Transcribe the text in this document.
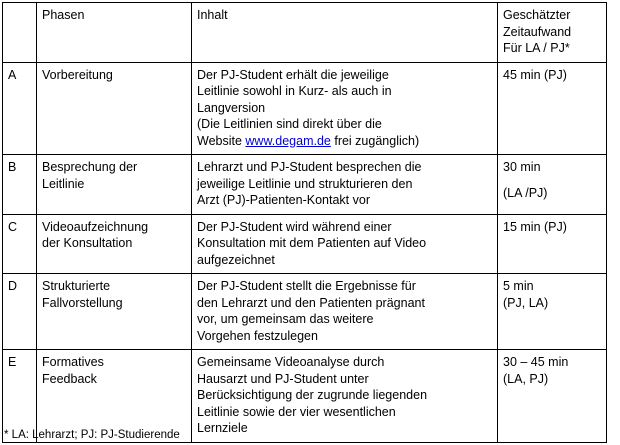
	Phasen	Inhalt	Geschätzter
Zeitaufwand
Für LA / PJ*

A	Vorbereitung	Der PJ-Student erhält die jeweilige
Leitlinie sowohl in Kurz- als auch in
Langversion
(Die Leitlinien sind direkt über die
Website www.degam.de frei zugänglich)	45 min (PJ)

B	Besprechung der
Leitlinie	Lehrarzt und PJ-Student besprechen die
jeweilige Leitlinie und strukturieren den
Arzt (PJ)-Patienten-Kontakt vor	30 min
(LA /PJ)

C	Videoaufzeichnung
der Konsultation	Der PJ-Student wird während einer
Konsultation mit dem Patienten auf Video
aufgezeichnet	15 min (PJ)

D	Strukturierte
Fallvorstellung	Der PJ-Student stellt die Ergebnisse für
den Lehrarzt und den Patienten prägnant
vor, um gemeinsam das weitere
Vorgehen festzulegen	5 min
(PJ, LA)

E	Formatives
Feedback	Gemeinsame Videoanalyse durch
Hausarzt und PJ-Student unter
Berücksichtigung der zugrunde liegenden
Leitlinie sowie der vier wesentlichen
Lernziele	30 – 45 min
(LA, PJ)
* LA: Lehrarzt; PJ: PJ-Studierende
